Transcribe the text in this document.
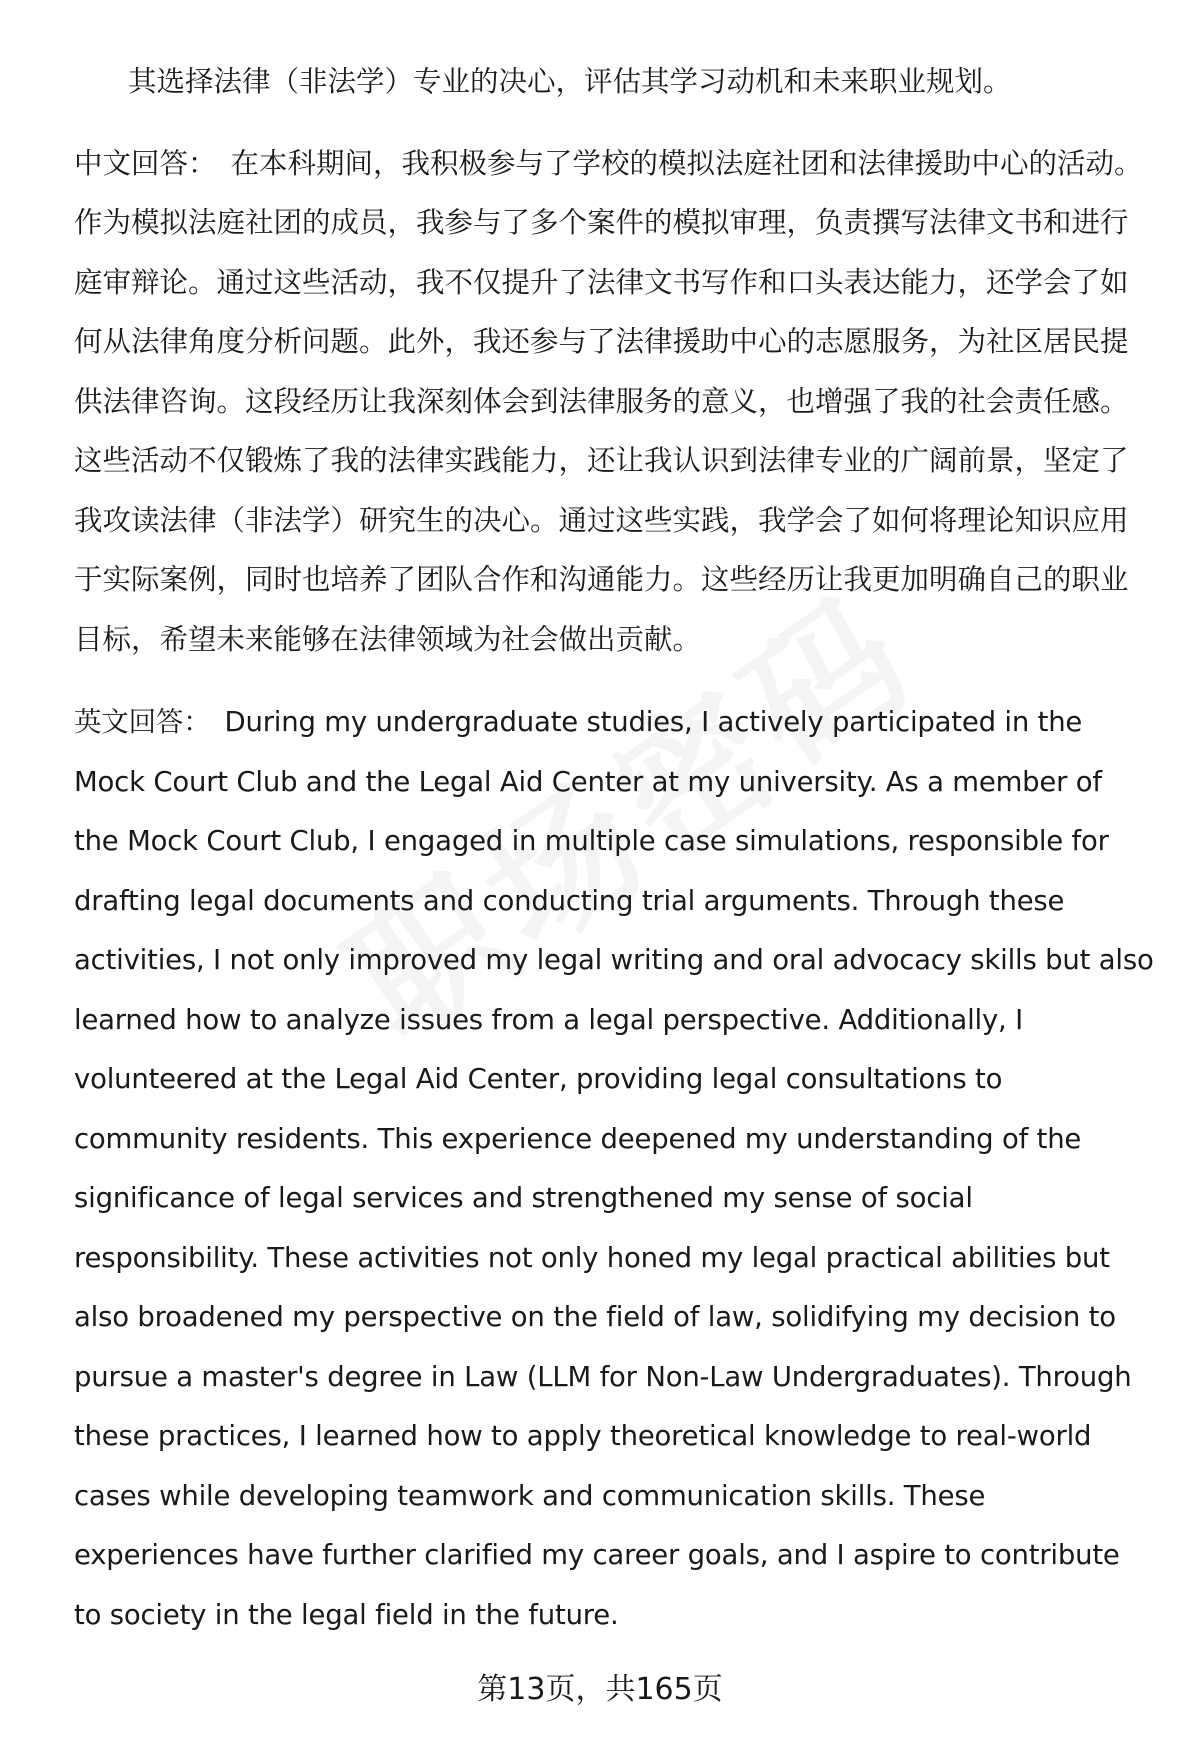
其选择法律（非法学）专业的决心，评估其学习动机和未来职业规划。

中文回答： 在本科期间，我积极参与了学校的模拟法庭社团和法律援助中心的活动。作为模拟法庭社团的成员，我参与了多个案件的模拟审理，负责撰写法律文书和进行庭审辩论。通过这些活动，我不仅提升了法律文书写作和口头表达能力，还学会了如何从法律角度分析问题。此外，我还参与了法律援助中心的志愿服务，为社区居民提供法律咨询。这段经历让我深刻体会到法律服务的意义，也增强了我的社会责任感。这些活动不仅锻炼了我的法律实践能力，还让我认识到法律专业的广阔前景，坚定了我攻读法律（非法学）研究生的决心。通过这些实践，我学会了如何将理论知识应用于实际案例，同时也培养了团队合作和沟通能力。这些经历让我更加明确自己的职业目标，希望未来能够在法律领域为社会做出贡献。

英文回答： During my undergraduate studies, I actively participated in the Mock Court Club and the Legal Aid Center at my university. As a member of the Mock Court Club, I engaged in multiple case simulations, responsible for drafting legal documents and conducting trial arguments. Through these activities, I not only improved my legal writing and oral advocacy skills but also learned how to analyze issues from a legal perspective. Additionally, I volunteered at the Legal Aid Center, providing legal consultations to community residents. This experience deepened my understanding of the significance of legal services and strengthened my sense of social responsibility. These activities not only honed my legal practical abilities but also broadened my perspective on the field of law, solidifying my decision to pursue a master's degree in Law (LLM for Non-Law Undergraduates). Through these practices, I learned how to apply theoretical knowledge to real-world cases while developing teamwork and communication skills. These experiences have further clarified my career goals, and I aspire to contribute to society in the legal field in the future.

第13页，共165页
